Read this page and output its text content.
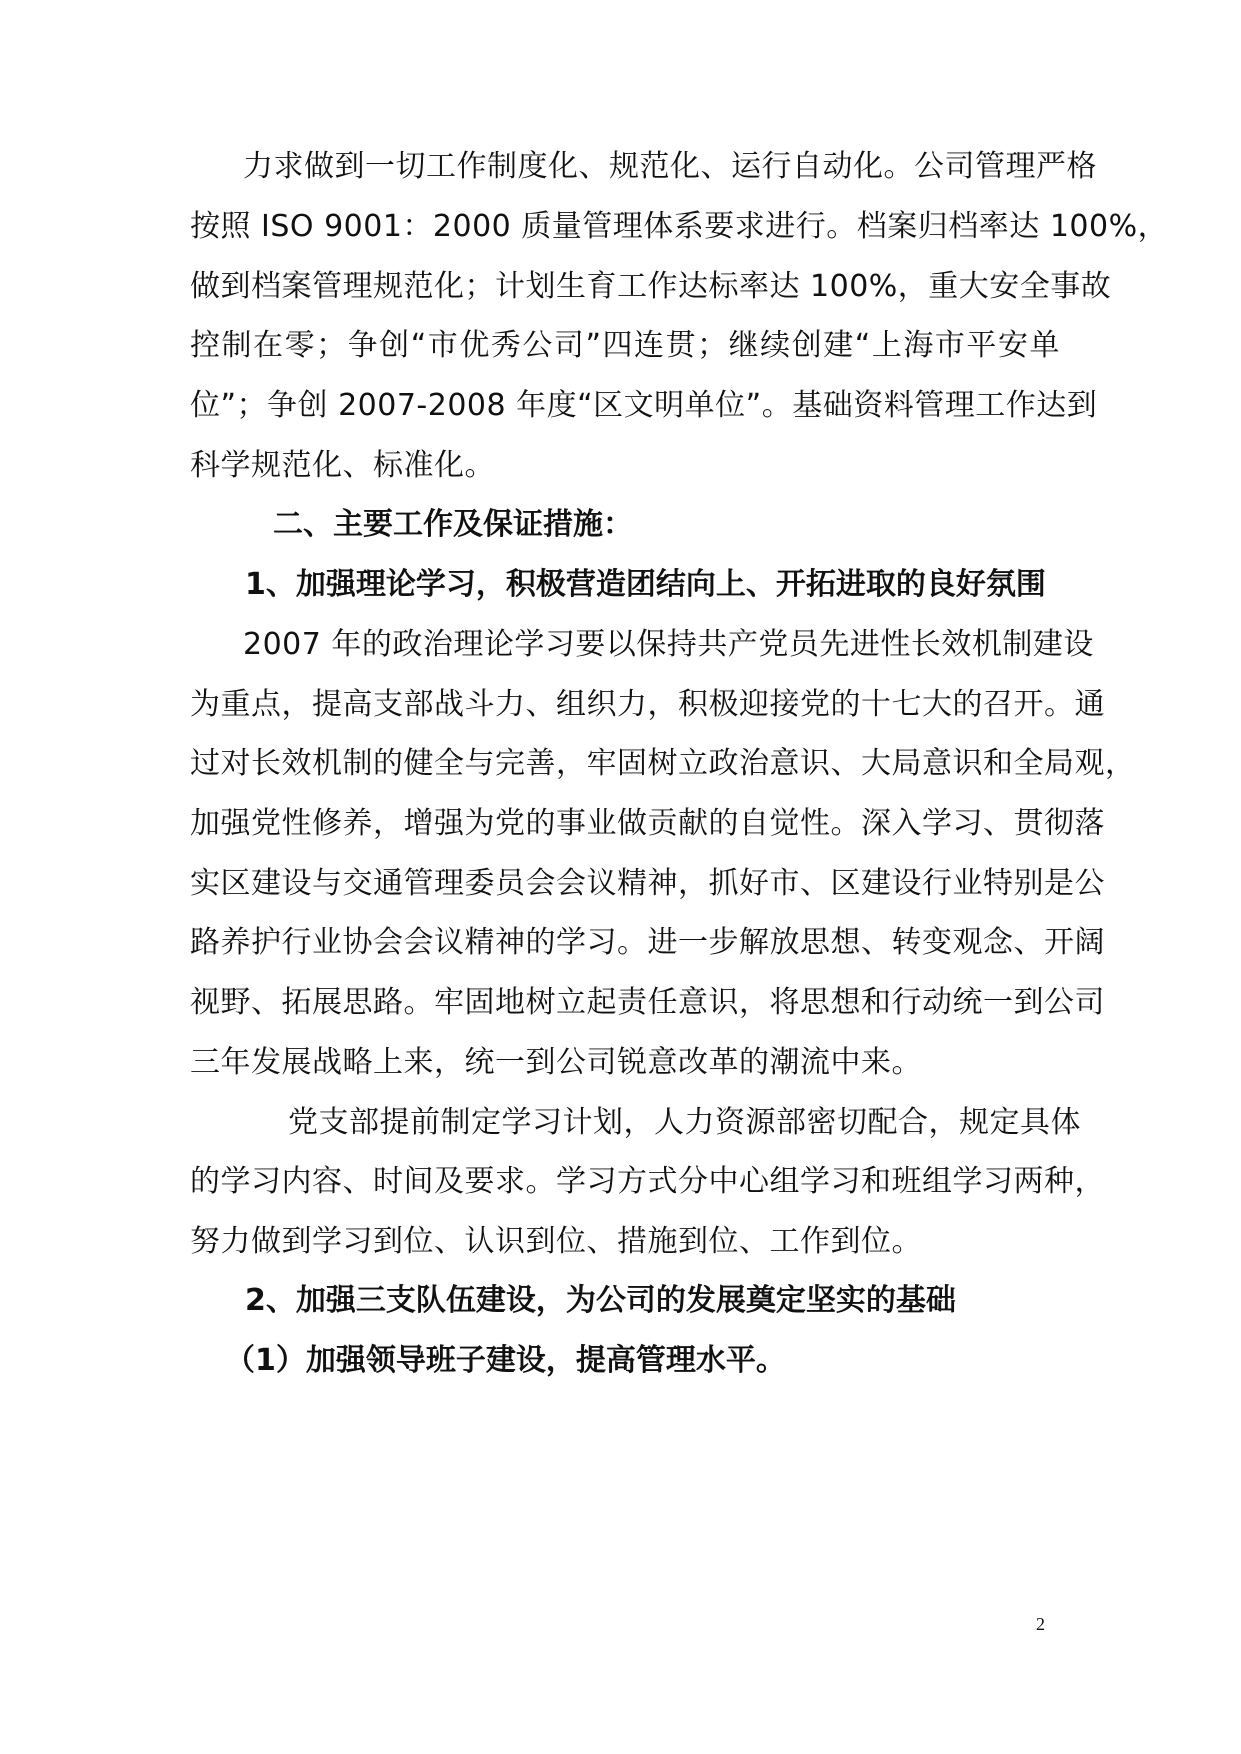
力求做到一切工作制度化、规范化、运行自动化。公司管理严格
按照 ISO 9001：2000 质量管理体系要求进行。档案归档率达 100%，
做到档案管理规范化；计划生育工作达标率达 100%，重大安全事故
控制在零；争创“市优秀公司”四连贯；继续创建“上海市平安单
位”；争创 2007-2008 年度“区文明单位”。基础资料管理工作达到
科学规范化、标准化。
二、主要工作及保证措施：
1、加强理论学习，积极营造团结向上、开拓进取的良好氛围
2007 年的政治理论学习要以保持共产党员先进性长效机制建设
为重点，提高支部战斗力、组织力，积极迎接党的十七大的召开。通
过对长效机制的健全与完善，牢固树立政治意识、大局意识和全局观，
加强党性修养，增强为党的事业做贡献的自觉性。深入学习、贯彻落
实区建设与交通管理委员会会议精神，抓好市、区建设行业特别是公
路养护行业协会会议精神的学习。进一步解放思想、转变观念、开阔
视野、拓展思路。牢固地树立起责任意识，将思想和行动统一到公司
三年发展战略上来，统一到公司锐意改革的潮流中来。
党支部提前制定学习计划，人力资源部密切配合，规定具体
的学习内容、时间及要求。学习方式分中心组学习和班组学习两种，
努力做到学习到位、认识到位、措施到位、工作到位。
2、加强三支队伍建设，为公司的发展奠定坚实的基础
（1）加强领导班子建设，提高管理水平。
2
